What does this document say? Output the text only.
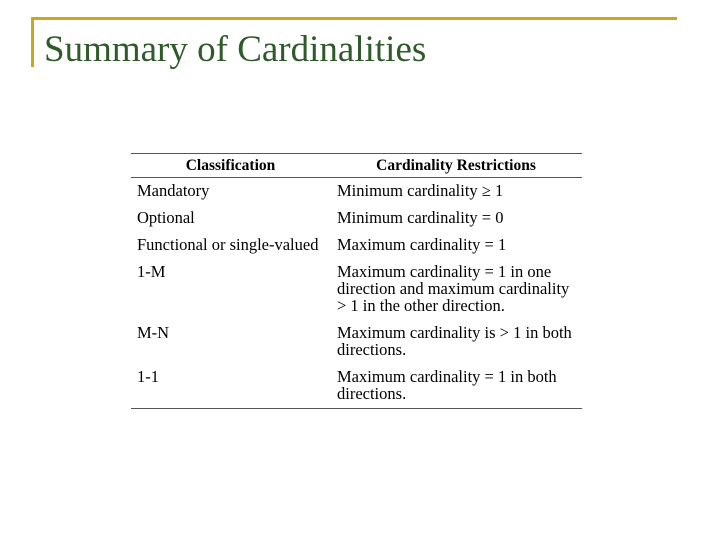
Summary of Cardinalities
Classification	Cardinality Restrictions
Mandatory	Minimum cardinality ≥ 1
Optional	Minimum cardinality = 0
Functional or single-valued	Maximum cardinality = 1
1-M	Maximum cardinality = 1 in one direction and maximum cardinality > 1 in the other direction.
M-N	Maximum cardinality is > 1 in both directions.
1-1	Maximum cardinality = 1 in both directions.
